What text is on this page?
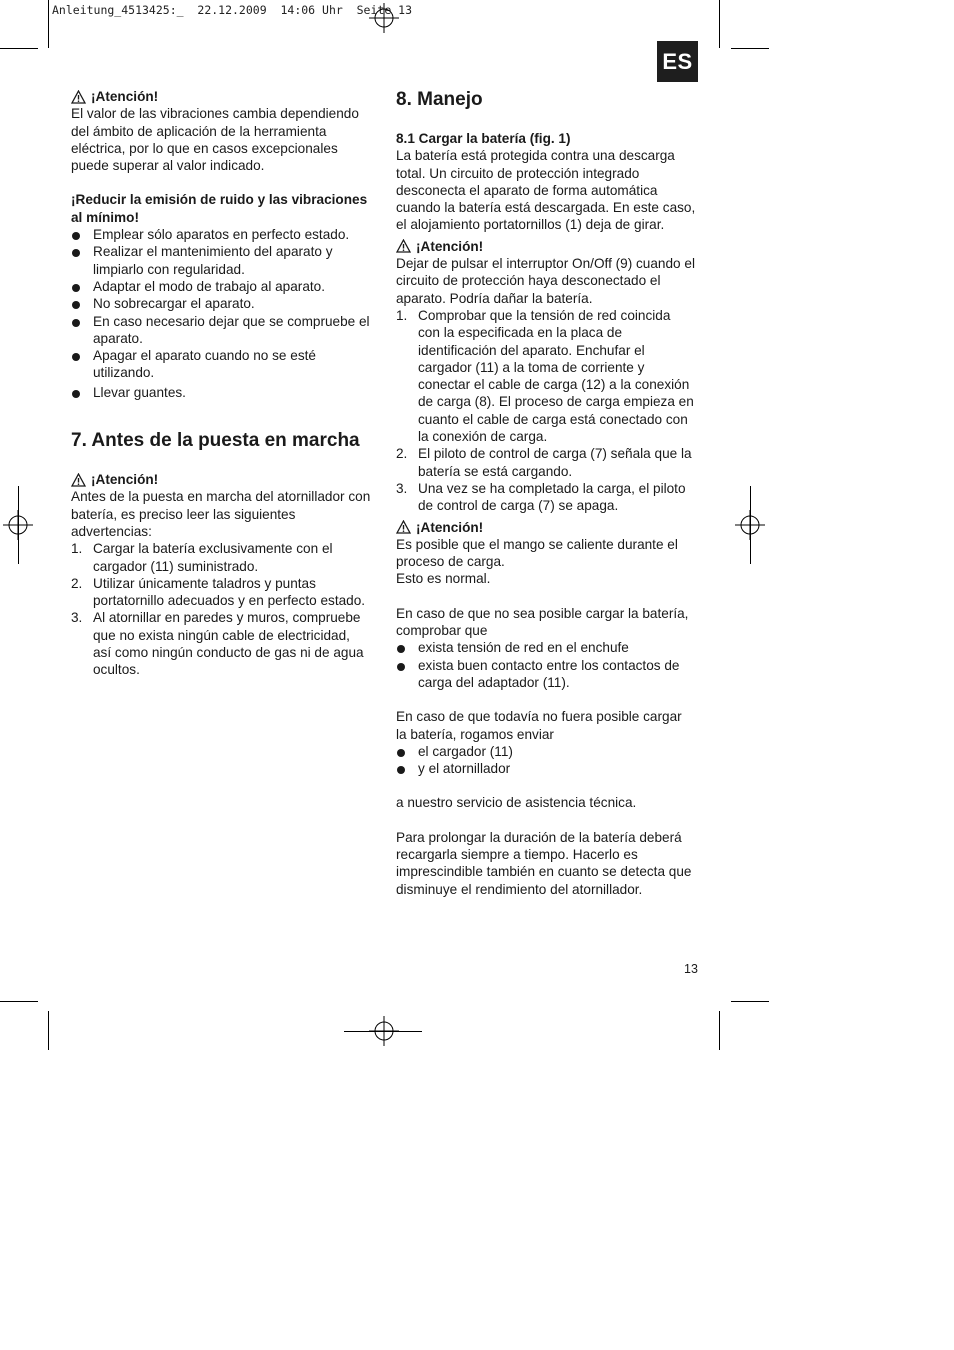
Anleitung_4513425:_  22.12.2009  14:06 Uhr  Seite 13
ES
¡Atención!

El valor de las vibraciones cambia dependiendo del ámbito de aplicación de la herramienta eléctrica, por lo que en casos excepcionales puede superar al valor indicado.

¡Reducir la emisión de ruido y las vibraciones al mínimo!

Emplear sólo aparatos en perfecto estado.
Realizar el mantenimiento del aparato y limpiarlo con regularidad.
Adaptar el modo de trabajo al aparato.
No sobrecargar el aparato.
En caso necesario dejar que se compruebe el aparato.
Apagar el aparato cuando no se esté utilizando.
Llevar guantes.

7. Antes de la puesta en marcha

¡Atención!

Antes de la puesta en marcha del atornillador con batería, es preciso leer las siguientes advertencias:

1. Cargar la batería exclusivamente con el cargador (11) suministrado.
2. Utilizar únicamente taladros y puntas portatornillo adecuados y en perfecto estado.
3. Al atornillar en paredes y muros, compruebe que no exista ningún cable de electricidad, así como ningún conducto de gas ni de agua ocultos.

8. Manejo

8.1 Cargar la batería (fig. 1)

La batería está protegida contra una descarga total. Un circuito de protección integrado desconecta el aparato de forma automática cuando la batería está descargada. En este caso, el alojamiento portatornillos (1) deja de girar.

¡Atención!

Dejar de pulsar el interruptor On/Off (9) cuando el circuito de protección haya desconectado el aparato. Podría dañar la batería.

1. Comprobar que la tensión de red coincida con la especificada en la placa de identificación del aparato. Enchufar el cargador (11) a la toma de corriente y conectar el cable de carga (12) a la conexión de carga (8). El proceso de carga empieza en cuanto el cable de carga está conectado con la conexión de carga.
2. El piloto de control de carga (7) señala que la batería se está cargando.
3. Una vez se ha completado la carga, el piloto de control de carga (7) se apaga.
¡Atención!

Es posible que el mango se caliente durante el proceso de carga.

Esto es normal.

En caso de que no sea posible cargar la batería, comprobar que

exista tensión de red en el enchufe
exista buen contacto entre los contactos de carga del adaptador (11).

En caso de que todavía no fuera posible cargar la batería, rogamos enviar

el cargador (11)
y el atornillador

a nuestro servicio de asistencia técnica.

Para prolongar la duración de la batería deberá recargarla siempre a tiempo. Hacerlo es imprescindible también en cuanto se detecta que disminuye el rendimiento del atornillador.

13
